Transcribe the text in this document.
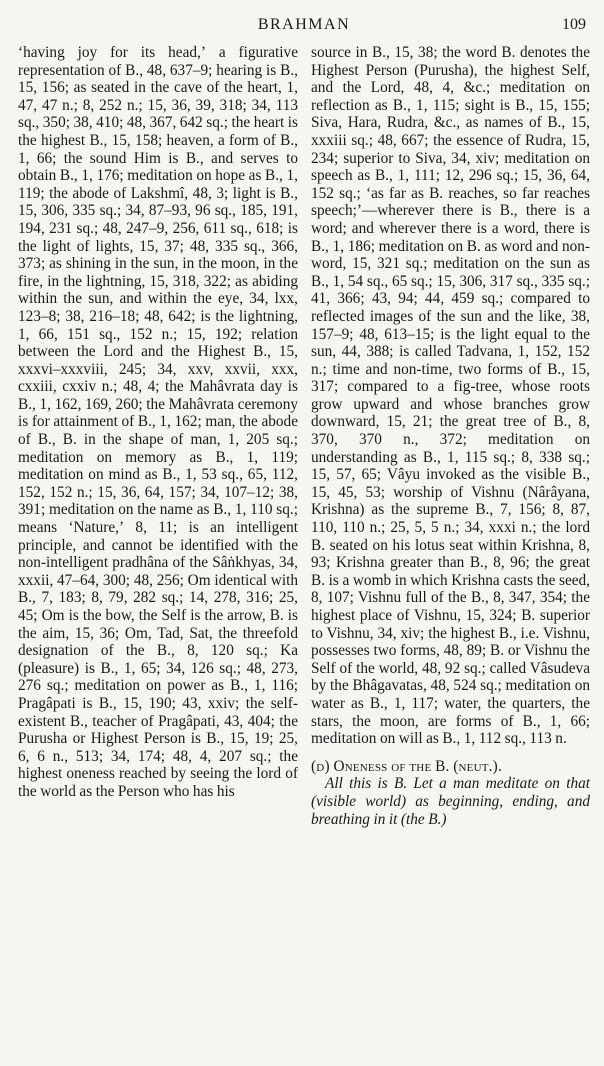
BRAHMAN	109

ʻhaving joy for its head,ʼ a figurative representation of B., 48, 637–9; hearing is B., 15, 156; as seated in the cave of the heart, 1, 47, 47 n.; 8, 252 n.; 15, 36, 39, 318; 34, 113 sq., 350; 38, 410; 48, 367, 642 sq.; the heart is the highest B., 15, 158; heaven, a form of B., 1, 66; the sound Him is B., and serves to obtain B., 1, 176; meditation on hope as B., 1, 119; the abode of Lakshmî, 48, 3; light is B., 15, 306, 335 sq.; 34, 87–93, 96 sq., 185, 191, 194, 231 sq.; 48, 247–9, 256, 611 sq., 618; is the light of lights, 15, 37; 48, 335 sq., 366, 373; as shining in the sun, in the moon, in the fire, in the lightning, 15, 318, 322; as abiding within the sun, and within the eye, 34, lxx, 123–8; 38, 216–18; 48, 642; is the lightning, 1, 66, 151 sq., 152 n.; 15, 192; relation between the Lord and the Highest B., 15, xxxvi–xxxviii, 245; 34, xxv, xxvii, xxx, cxxiii, cxxiv n.; 48, 4; the Mahâvrata day is B., 1, 162, 169, 260; the Mahâvrata ceremony is for attainment of B., 1, 162; man, the abode of B., B. in the shape of man, 1, 205 sq.; meditation on memory as B., 1, 119; meditation on mind as B., 1, 53 sq., 65, 112, 152, 152 n.; 15, 36, 64, 157; 34, 107–12; 38, 391; meditation on the name as B., 1, 110 sq.; means ʻNature,ʼ 8, 11; is an intelligent principle, and cannot be identified with the non-intelligent pradhâna of the Sâṅkhyas, 34, xxxii, 47–64, 300; 48, 256; Om identical with B., 7, 183; 8, 79, 282 sq.; 14, 278, 316; 25, 45; Om is the bow, the Self is the arrow, B. is the aim, 15, 36; Om, Tad, Sat, the threefold designation of the B., 8, 120 sq.; Ka (pleasure) is B., 1, 65; 34, 126 sq.; 48, 273, 276 sq.; meditation on power as B., 1, 116; Pragâpati is B., 15, 190; 43, xxiv; the self-existent B., teacher of Pragâpati, 43, 404; the Purusha or Highest Person is B., 15, 19; 25, 6, 6 n., 513; 34, 174; 48, 4, 207 sq.; the highest oneness reached by seeing the lord of the world as the Person who has his

source in B., 15, 38; the word B. denotes the Highest Person (Purusha), the highest Self, and the Lord, 48, 4, &c.; meditation on reflection as B., 1, 115; sight is B., 15, 155; Siva, Hara, Rudra, &c., as names of B., 15, xxxiii sq.; 48, 667; the essence of Rudra, 15, 234; superior to Siva, 34, xiv; meditation on speech as B., 1, 111; 12, 296 sq.; 15, 36, 64, 152 sq.; ʻas far as B. reaches, so far reaches speech;ʼ—wherever there is B., there is a word; and wherever there is a word, there is B., 1, 186; meditation on B. as word and non-word, 15, 321 sq.; meditation on the sun as B., 1, 54 sq., 65 sq.; 15, 306, 317 sq., 335 sq.; 41, 366; 43, 94; 44, 459 sq.; compared to reflected images of the sun and the like, 38, 157–9; 48, 613–15; is the light equal to the sun, 44, 388; is called Tadvana, 1, 152, 152 n.; time and non-time, two forms of B., 15, 317; compared to a fig-tree, whose roots grow upward and whose branches grow downward, 15, 21; the great tree of B., 8, 370, 370 n., 372; meditation on understanding as B., 1, 115 sq.; 8, 338 sq.; 15, 57, 65; Vâyu invoked as the visible B., 15, 45, 53; worship of Vishnu (Nârâyana, Krishna) as the supreme B., 7, 156; 8, 87, 110, 110 n.; 25, 5, 5 n.; 34, xxxi n.; the lord B. seated on his lotus seat within Krishna, 8, 93; Krishna greater than B., 8, 96; the great B. is a womb in which Krishna casts the seed, 8, 107; Vishnu full of the B., 8, 347, 354; the highest place of Vishnu, 15, 324; B. superior to Vishnu, 34, xiv; the highest B., i.e. Vishnu, possesses two forms, 48, 89; B. or Vishnu the Self of the world, 48, 92 sq.; called Vâsudeva by the Bhâgavatas, 48, 524 sq.; meditation on water as B., 1, 117; water, the quarters, the stars, the moon, are forms of B., 1, 66; meditation on will as B., 1, 112 sq., 113 n.

(d) Oneness of the B. (neut.).

All this is B. Let a man meditate on that (visible world) as beginning, ending, and breathing in it (the B.)
